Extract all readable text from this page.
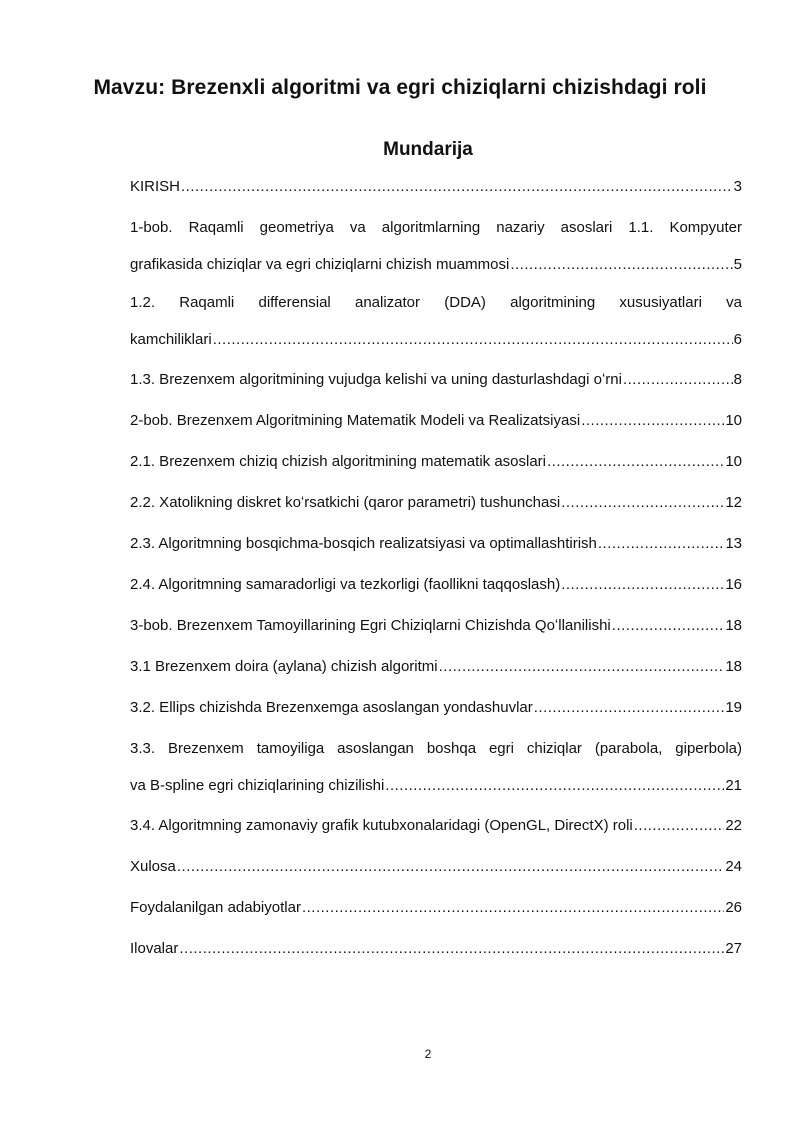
Mavzu: Brezenxli algoritmi va egri chiziqlarni chizishdagi roli
Mundarija
KIRISH .....	3
1-bob. Raqamli geometriya va algoritmlarning nazariy asoslari 1.1. Kompyuter
grafikasida chiziqlar va egri chiziqlarni chizish muammosi .....	5
1.2. Raqamli differensial analizator (DDA) algoritmining xususiyatlari va
kamchiliklari .....	6
1.3. Brezenxem algoritmining vujudga kelishi va uning dasturlashdagi oʻrni .....	8
2-bob. Brezenxem Algoritmining Matematik Modeli va Realizatsiyasi .....	10
2.1. Brezenxem chiziq chizish algoritmining matematik asoslari .....	10
2.2. Xatolikning diskret koʻrsatkichi (qaror parametri) tushunchasi .....	12
2.3. Algoritmning bosqichma-bosqich realizatsiyasi va optimallashtirish .....	13
2.4. Algoritmning samaradorligi va tezkorligi (faollikni taqqoslash) .....	16
3-bob. Brezenxem Tamoyillarining Egri Chiziqlarni Chizishda Qoʻllanilishi .....	18
3.1 Brezenxem doira (aylana) chizish algoritmi .....	18
3.2. Ellips chizishda Brezenxemga asoslangan yondashuvlar .....	19
3.3. Brezenxem tamoyiliga asoslangan boshqa egri chiziqlar (parabola, giperbola)
va B-spline egri chiziqlarining chizilishi .....	21
3.4. Algoritmning zamonaviy grafik kutubxonalaridagi (OpenGL, DirectX) roli .....	22
Xulosa .....	24
Foydalanilgan adabiyotlar .....	26
Ilovalar .....	27
2
